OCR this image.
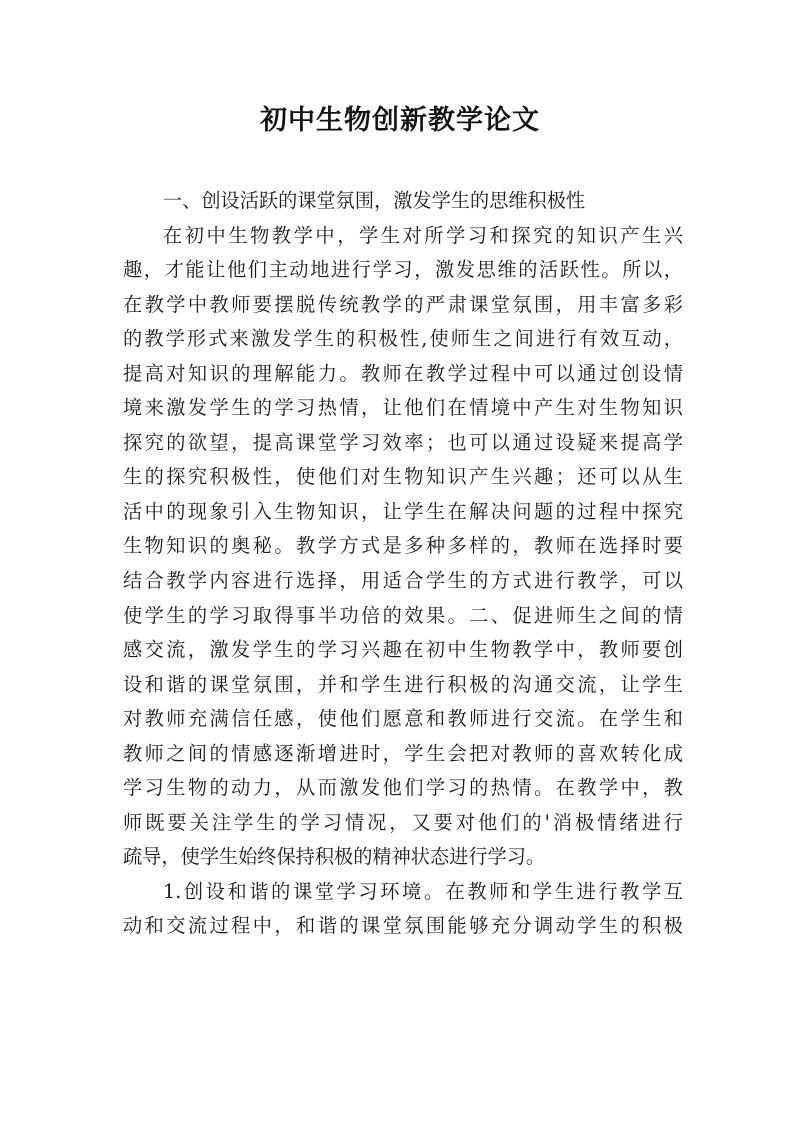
初中生物创新教学论文
一、创设活跃的课堂氛围，激发学生的思维积极性
在初中生物教学中，学生对所学习和探究的知识产生兴
趣，才能让他们主动地进行学习，激发思维的活跃性。所以，
在教学中教师要摆脱传统教学的严肃课堂氛围，用丰富多彩
的教学形式来激发学生的积极性,使师生之间进行有效互动，
提高对知识的理解能力。教师在教学过程中可以通过创设情
境来激发学生的学习热情，让他们在情境中产生对生物知识
探究的欲望，提高课堂学习效率；也可以通过设疑来提高学
生的探究积极性，使他们对生物知识产生兴趣；还可以从生
活中的现象引入生物知识，让学生在解决问题的过程中探究
生物知识的奥秘。教学方式是多种多样的，教师在选择时要
结合教学内容进行选择，用适合学生的方式进行教学，可以
使学生的学习取得事半功倍的效果。二、促进师生之间的情
感交流，激发学生的学习兴趣在初中生物教学中，教师要创
设和谐的课堂氛围，并和学生进行积极的沟通交流，让学生
对教师充满信任感，使他们愿意和教师进行交流。在学生和
教师之间的情感逐渐增进时，学生会把对教师的喜欢转化成
学习生物的动力，从而激发他们学习的热情。在教学中，教
师既要关注学生的学习情况，又要对他们的'消极情绪进行
疏导，使学生始终保持积极的精神状态进行学习。
1.创设和谐的课堂学习环境。在教师和学生进行教学互
动和交流过程中，和谐的课堂氛围能够充分调动学生的积极
